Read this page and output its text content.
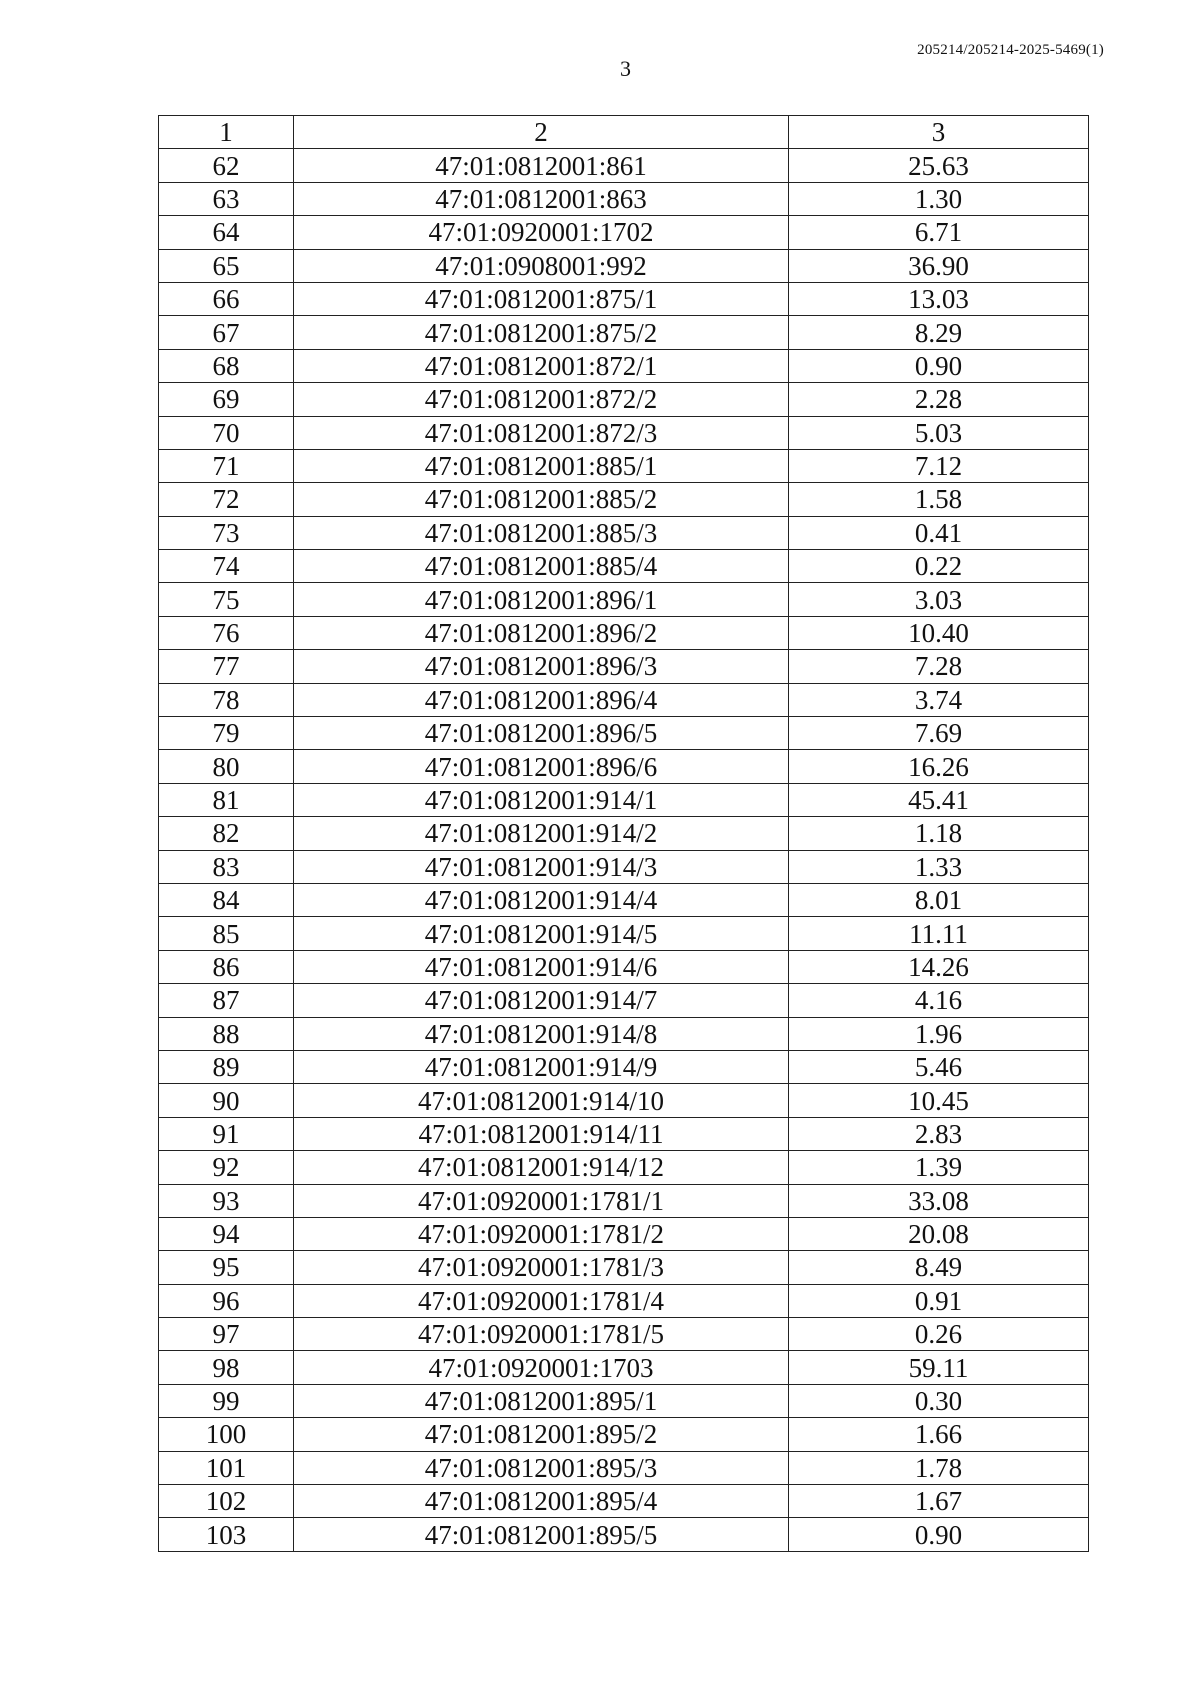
3
205214/205214-2025-5469(1)
1	2	3
62	47:01:0812001:861	25.63
63	47:01:0812001:863	1.30
64	47:01:0920001:1702	6.71
65	47:01:0908001:992	36.90
66	47:01:0812001:875/1	13.03
67	47:01:0812001:875/2	8.29
68	47:01:0812001:872/1	0.90
69	47:01:0812001:872/2	2.28
70	47:01:0812001:872/3	5.03
71	47:01:0812001:885/1	7.12
72	47:01:0812001:885/2	1.58
73	47:01:0812001:885/3	0.41
74	47:01:0812001:885/4	0.22
75	47:01:0812001:896/1	3.03
76	47:01:0812001:896/2	10.40
77	47:01:0812001:896/3	7.28
78	47:01:0812001:896/4	3.74
79	47:01:0812001:896/5	7.69
80	47:01:0812001:896/6	16.26
81	47:01:0812001:914/1	45.41
82	47:01:0812001:914/2	1.18
83	47:01:0812001:914/3	1.33
84	47:01:0812001:914/4	8.01
85	47:01:0812001:914/5	11.11
86	47:01:0812001:914/6	14.26
87	47:01:0812001:914/7	4.16
88	47:01:0812001:914/8	1.96
89	47:01:0812001:914/9	5.46
90	47:01:0812001:914/10	10.45
91	47:01:0812001:914/11	2.83
92	47:01:0812001:914/12	1.39
93	47:01:0920001:1781/1	33.08
94	47:01:0920001:1781/2	20.08
95	47:01:0920001:1781/3	8.49
96	47:01:0920001:1781/4	0.91
97	47:01:0920001:1781/5	0.26
98	47:01:0920001:1703	59.11
99	47:01:0812001:895/1	0.30
100	47:01:0812001:895/2	1.66
101	47:01:0812001:895/3	1.78
102	47:01:0812001:895/4	1.67
103	47:01:0812001:895/5	0.90
